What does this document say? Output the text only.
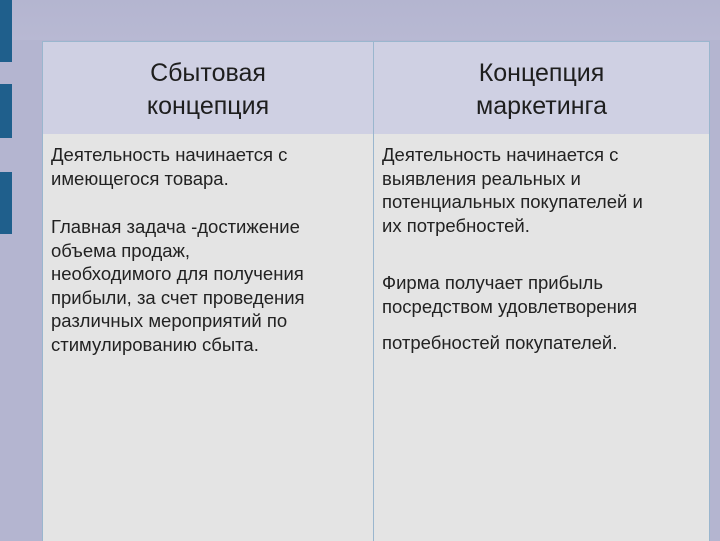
Сбытовая
концепция
Концепция
маркетинга
Деятельность начинается с
имеющегося товара.
Главная задача -достижение
объема продаж,
необходимого для получения
прибыли, за счет проведения
различных мероприятий по
стимулированию сбыта.
Деятельность начинается с
выявления реальных и
потенциальных покупателей и
их потребностей.
Фирма получает прибыль
посредством удовлетворения
потребностей покупателей.
